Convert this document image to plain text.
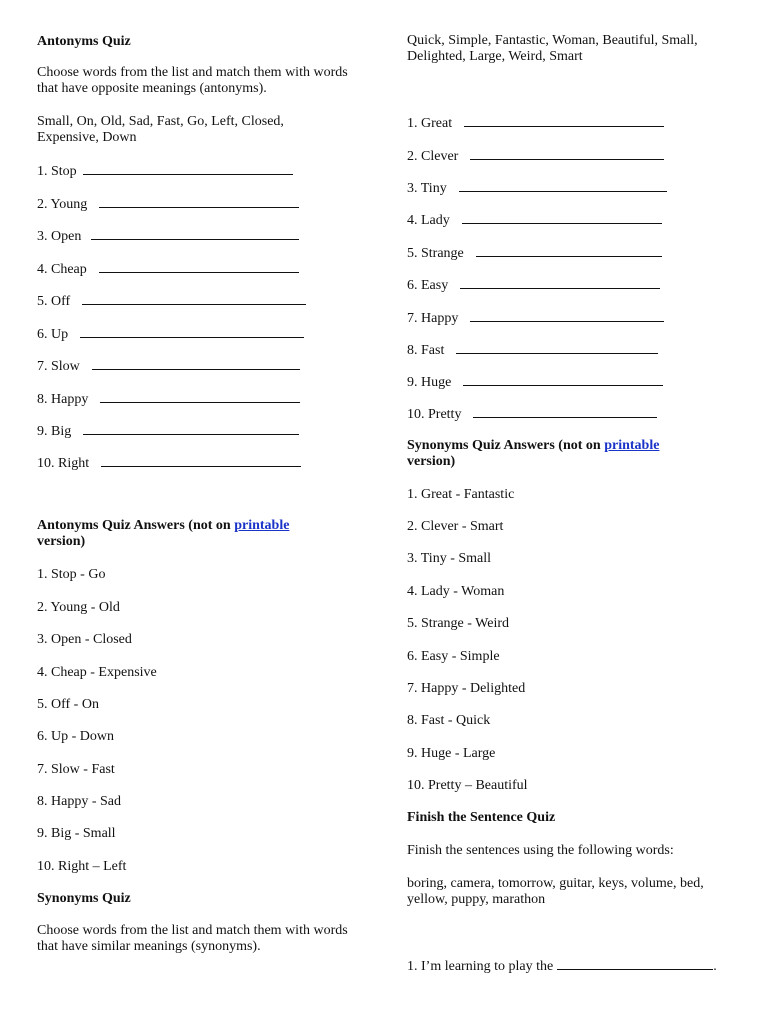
Antonyms Quiz

Choose words from the list and match them with words that have opposite meanings (antonyms).

Small, On, Old, Sad, Fast, Go, Left, Closed, Expensive, Down

1. Stop

2. Young

3. Open

4. Cheap

5. Off

6. Up

7. Slow

8. Happy

9. Big

10. Right

Antonyms Quiz Answers (not on printable

version)

1. Stop - Go

2. Young - Old

3. Open - Closed

4. Cheap - Expensive

5. Off - On

6. Up - Down

7. Slow - Fast

8. Happy - Sad

9. Big - Small

10. Right – Left

Synonyms Quiz

Choose words from the list and match them with words that have similar meanings (synonyms).

Quick, Simple, Fantastic, Woman, Beautiful, Small, Delighted, Large, Weird, Smart

1. Great

2. Clever

3. Tiny

4. Lady

5. Strange

6. Easy

7. Happy

8. Fast

9. Huge

10. Pretty

Synonyms Quiz Answers (not on printable

version)

1. Great - Fantastic

2. Clever - Smart

3. Tiny - Small

4. Lady - Woman

5. Strange - Weird

6. Easy - Simple

7. Happy - Delighted

8. Fast - Quick

9. Huge - Large

10. Pretty – Beautiful

Finish the Sentence Quiz

Finish the sentences using the following words:

boring, camera, tomorrow, guitar, keys, volume, bed, yellow, puppy, marathon

1. I’m learning to play the	.
